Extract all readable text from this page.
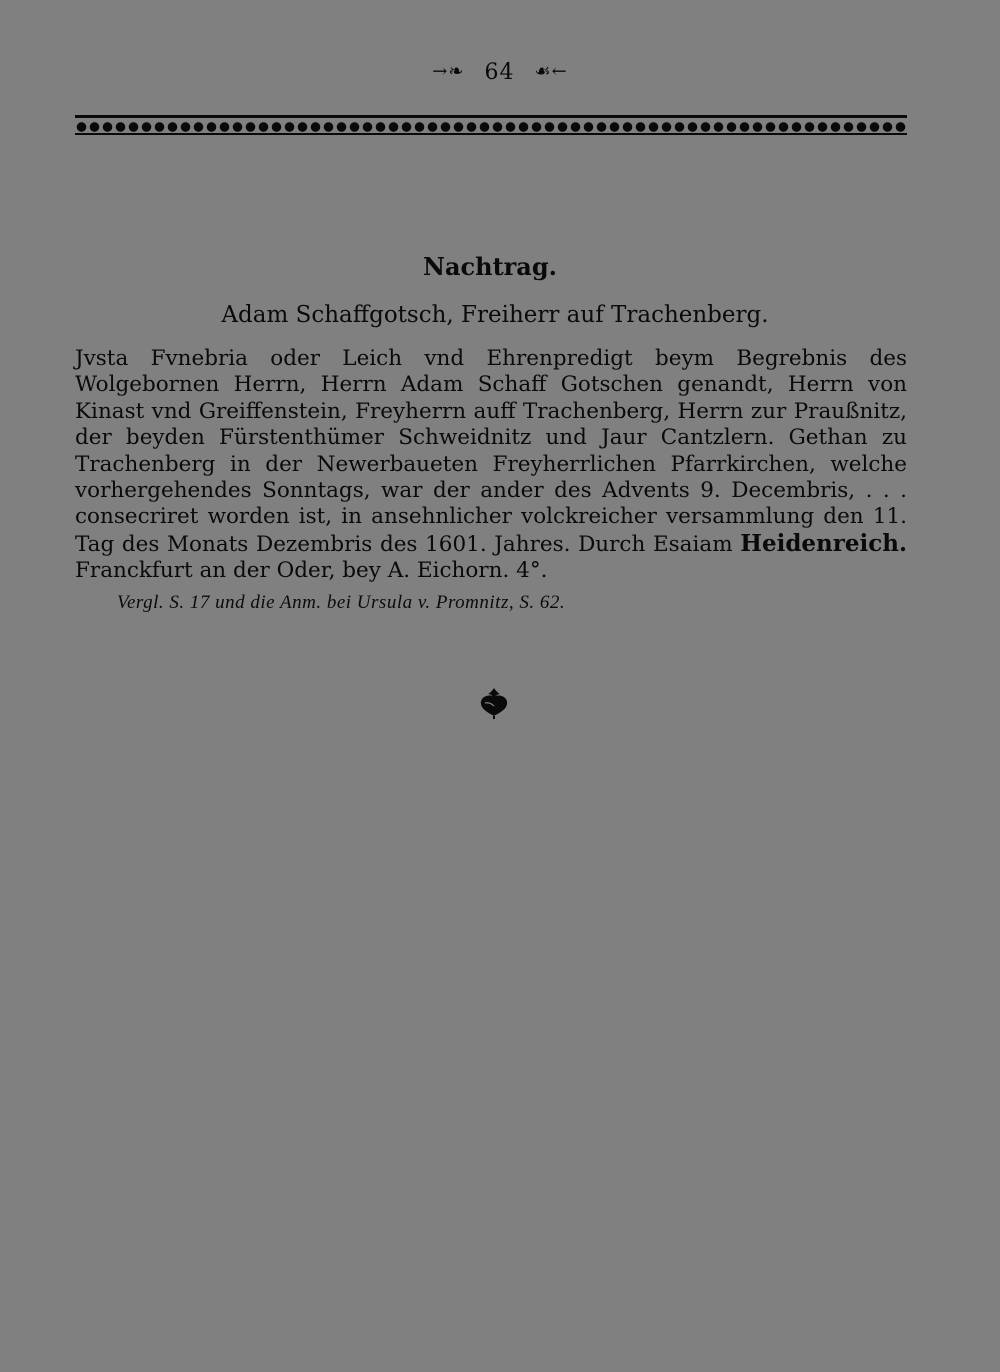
→❧ 64 ☙←
Nachtrag.
Adam Schaffgotsch, Freiherr auf Trachenberg.
Jvsta Fvnebria oder Leich vnd Ehrenpredigt beym Begrebnis des Wolgebornen Herrn, Herrn Adam Schaff Gotschen genandt, Herrn von Kinast vnd Greiffenstein, Freyherrn auff Trachenberg, Herrn zur Praußnitz, der beyden Fürstenthümer Schweidnitz und Jaur Cantzlern. Gethan zu Trachenberg in der Newerbaueten Freyherrlichen Pfarrkirchen, welche vorhergehendes Sonntags, war der ander des Advents 9. Decembris, . . . consecriret worden ist, in ansehnlicher volckreicher versammlung den 11. Tag des Monats Dezembris des 1601. Jahres. Durch Esaiam Heidenreich. Franckfurt an der Oder, bey A. Eichorn. 4°.
Vergl. S. 17 und die Anm. bei Ursula v. Promnitz, S. 62.
